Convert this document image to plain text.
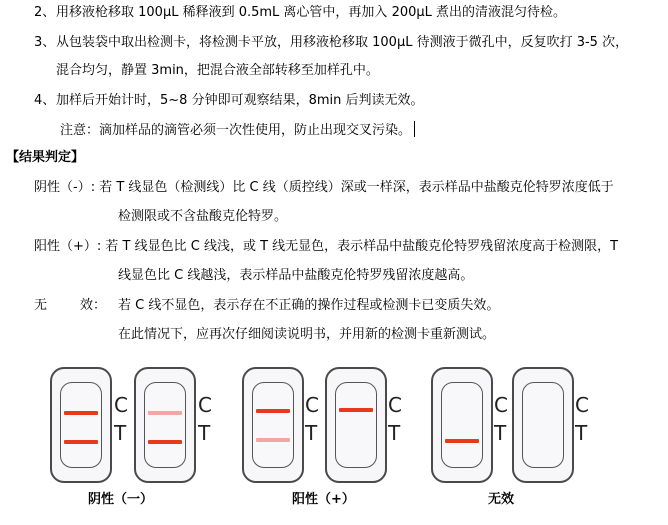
2、 用移液枪移取 100μL 稀释液到 0.5mL 离心管中，再加入 200μL 煮出的清液混匀待检。
3、 从包装袋中取出检测卡，将检测卡平放，用移液枪移取 100μL 待测液于微孔中，反复吹打 3-5 次，
混合均匀，静置 3min，把混合液全部转移至加样孔中。
4、 加样后开始计时，5~8 分钟即可观察结果，8min 后判读无效。
注意：滴加样品的滴管必须一次性使用，防止出现交叉污染。
【结果判定】
阴性（-）: 若 T 线显色（检测线）比 C 线（质控线）深或一样深，表示样品中盐酸克伦特罗浓度低于
检测限或不含盐酸克伦特罗。
阳性（+）: 若 T 线显色比 C 线浅，或 T 线无显色，表示样品中盐酸克伦特罗残留浓度高于检测限，T
线显色比 C 线越浅，表示样品中盐酸克伦特罗残留浓度越高。
无        效： 若 C 线不显色，表示存在不正确的操作过程或检测卡已变质失效。
在此情况下，应再次仔细阅读说明书，并用新的检测卡重新测试。
C
T
C
T
阴性（一）
C
T
C
T
阳性（+）
C
T
C
T
无效
